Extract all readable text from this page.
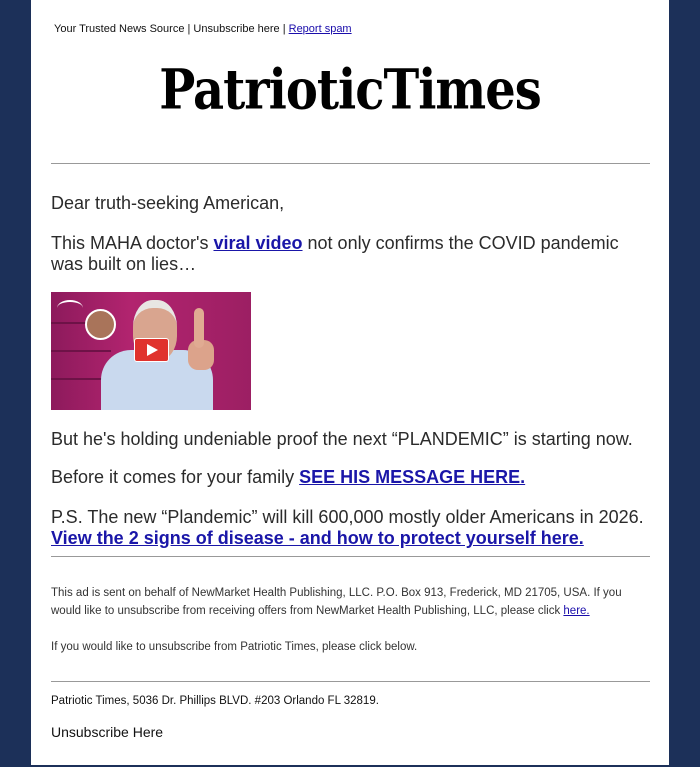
Your Trusted News Source | Unsubscribe here | Report spam
PatrioticTimes

Dear truth-seeking American,

This MAHA doctor's viral video not only confirms the COVID pandemic was built on lies…

But he's holding undeniable proof the next “PLANDEMIC” is starting now.

Before it comes for your family SEE HIS MESSAGE HERE.

P.S. The new “Plandemic” will kill 600,000 mostly older Americans in 2026. View the 2 signs of disease - and how to protect yourself here.

This ad is sent on behalf of NewMarket Health Publishing, LLC. P.O. Box 913, Frederick, MD 21705, USA. If you would like to unsubscribe from receiving offers from NewMarket Health Publishing, LLC, please click here.

If you would like to unsubscribe from Patriotic Times, please click below.

Patriotic Times, 5036 Dr. Phillips BLVD. #203 Orlando FL 32819.

Unsubscribe Here
